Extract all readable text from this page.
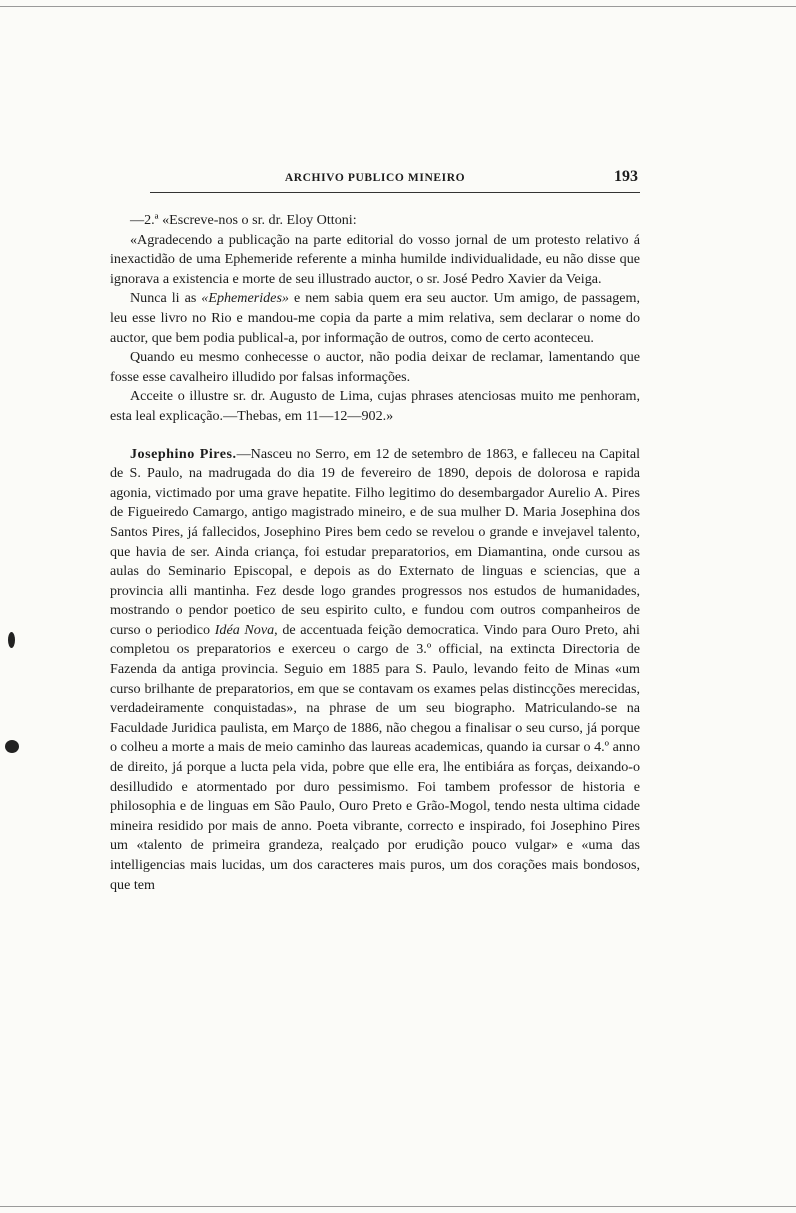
ARCHIVO PUBLICO MINEIRO	193

—2.ª «Escreve-nos o sr. dr. Eloy Ottoni:

«Agradecendo a publicação na parte editorial do vosso jornal de um protesto relativo á inexactidão de uma Ephemeride referente a minha humilde individualidade, eu não disse que ignorava a existencia e morte de seu illustrado auctor, o sr. José Pedro Xavier da Veiga.

Nunca li as «Ephemerides» e nem sabia quem era seu auctor. Um amigo, de passagem, leu esse livro no Rio e mandou-me copia da parte a mim relativa, sem declarar o nome do auctor, que bem podia publical-a, por informação de outros, como de certo aconteceu.

Quando eu mesmo conhecesse o auctor, não podia deixar de reclamar, lamentando que fosse esse cavalheiro illudido por falsas informações.

Acceite o illustre sr. dr. Augusto de Lima, cujas phrases atenciosas muito me penhoram, esta leal explicação.—Thebas, em 11—12—902.»

Josephino Pires.—Nasceu no Serro, em 12 de setembro de 1863, e falleceu na Capital de S. Paulo, na madrugada do dia 19 de fevereiro de 1890, depois de dolorosa e rapida agonia, victimado por uma grave hepatite. Filho legitimo do desembargador Aurelio A. Pires de Figueiredo Camargo, antigo magistrado mineiro, e de sua mulher D. Maria Josephina dos Santos Pires, já fallecidos, Josephino Pires bem cedo se revelou o grande e invejavel talento, que havia de ser. Ainda criança, foi estudar preparatorios, em Diamantina, onde cursou as aulas do Seminario Episcopal, e depois as do Externato de linguas e sciencias, que a provincia alli mantinha. Fez desde logo grandes progressos nos estudos de humanidades, mostrando o pendor poetico de seu espirito culto, e fundou com outros companheiros de curso o periodico Idéa Nova, de accentuada feição democratica. Vindo para Ouro Preto, ahi completou os preparatorios e exerceu o cargo de 3.º official, na extincta Directoria de Fazenda da antiga provincia. Seguio em 1885 para S. Paulo, levando feito de Minas «um curso brilhante de preparatorios, em que se contavam os exames pelas distincções merecidas, verdadeiramente conquistadas», na phrase de um seu biographo. Matriculando-se na Faculdade Juridica paulista, em Março de 1886, não chegou a finalisar o seu curso, já porque o colheu a morte a mais de meio caminho das laureas academicas, quando ia cursar o 4.º anno de direito, já porque a lucta pela vida, pobre que elle era, lhe entibiára as forças, deixando-o desilludido e atormentado por duro pessimismo. Foi tambem professor de historia e philosophia e de linguas em São Paulo, Ouro Preto e Grão-Mogol, tendo nesta ultima cidade mineira residido por mais de anno. Poeta vibrante, correcto e inspirado, foi Josephino Pires um «talento de primeira grandeza, realçado por erudição pouco vulgar» e «uma das intelligencias mais lucidas, um dos caracteres mais puros, um dos corações mais bondosos, que tem
